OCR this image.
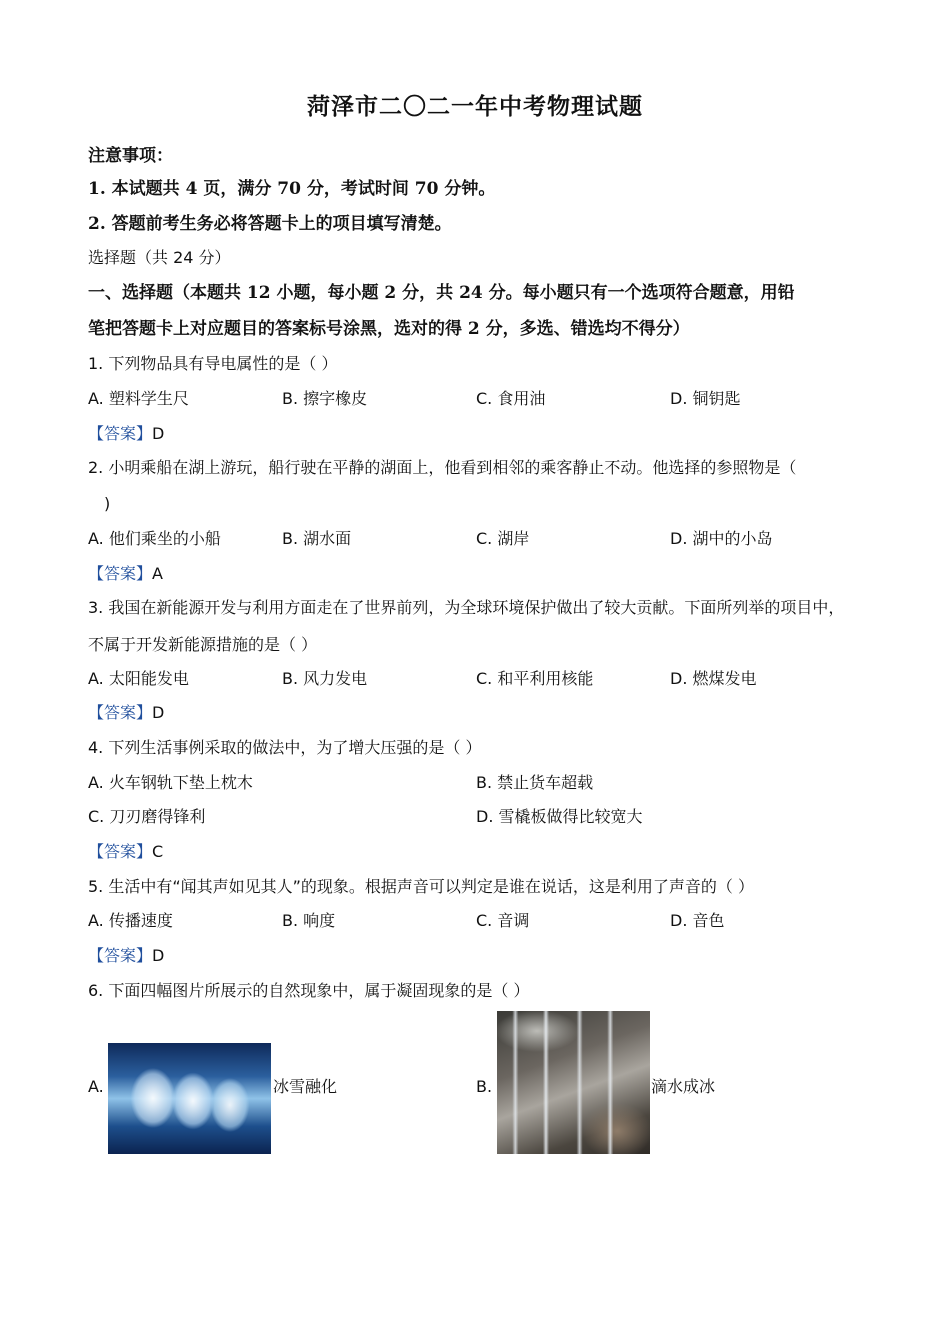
菏泽市二〇二一年中考物理试题
注意事项：
1. 本试题共 4 页，满分 70 分，考试时间 70 分钟。
2. 答题前考生务必将答题卡上的项目填写清楚。
选择题（共 24 分）
一、选择题（本题共 12 小题，每小题 2 分，共 24 分。每小题只有一个选项符合题意，用铅
笔把答题卡上对应题目的答案标号涂黑，选对的得 2 分，多选、错选均不得分）
1. 下列物品具有导电属性的是（ ）
A. 塑料学生尺	B. 擦字橡皮	C. 食用油	D. 铜钥匙
【答案】D
2. 小明乘船在湖上游玩，船行驶在平静的湖面上，他看到相邻的乘客静止不动。他选择的参照物是（
)
A. 他们乘坐的小船	B. 湖水面	C. 湖岸	D. 湖中的小岛
【答案】A
3. 我国在新能源开发与利用方面走在了世界前列，为全球环境保护做出了较大贡献。下面所列举的项目中，
不属于开发新能源措施的是（ ）
A. 太阳能发电	B. 风力发电	C. 和平利用核能	D. 燃煤发电
【答案】D
4. 下列生活事例采取的做法中，为了增大压强的是（ ）
A. 火车钢轨下垫上枕木	B. 禁止货车超载
C. 刀刃磨得锋利	D. 雪橇板做得比较宽大
【答案】C
5. 生活中有“闻其声如见其人”的现象。根据声音可以判定是谁在说话，这是利用了声音的（ ）
A. 传播速度	B. 响度	C. 音调	D. 音色
【答案】D
6. 下面四幅图片所展示的自然现象中，属于凝固现象的是（ ）
A.	冰雪融化	B.	滴水成冰
